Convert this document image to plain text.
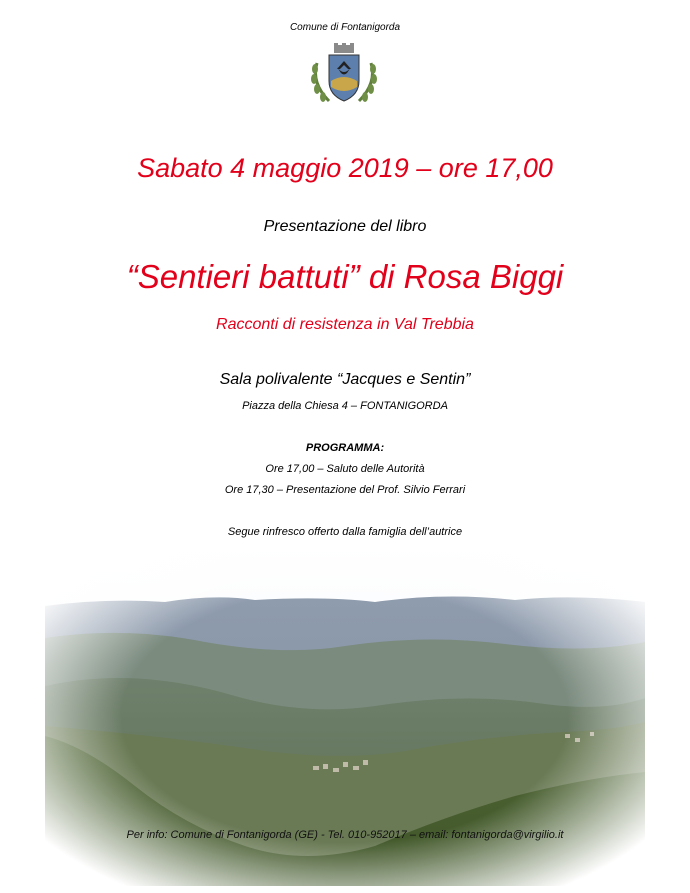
Comune di Fontanigorda
Sabato 4 maggio 2019 – ore 17,00
Presentazione del libro
“Sentieri battuti” di Rosa Biggi
Racconti di resistenza in Val Trebbia
Sala polivalente “Jacques e Sentin”
Piazza della Chiesa 4 – FONTANIGORDA
PROGRAMMA:
Ore 17,00 – Saluto delle Autorità
Ore 17,30 – Presentazione del Prof. Silvio Ferrari
Segue rinfresco offerto dalla famiglia dell’autrice
Per info: Comune di Fontanigorda (GE) - Tel. 010-952017 – email: fontanigorda@virgilio.it
